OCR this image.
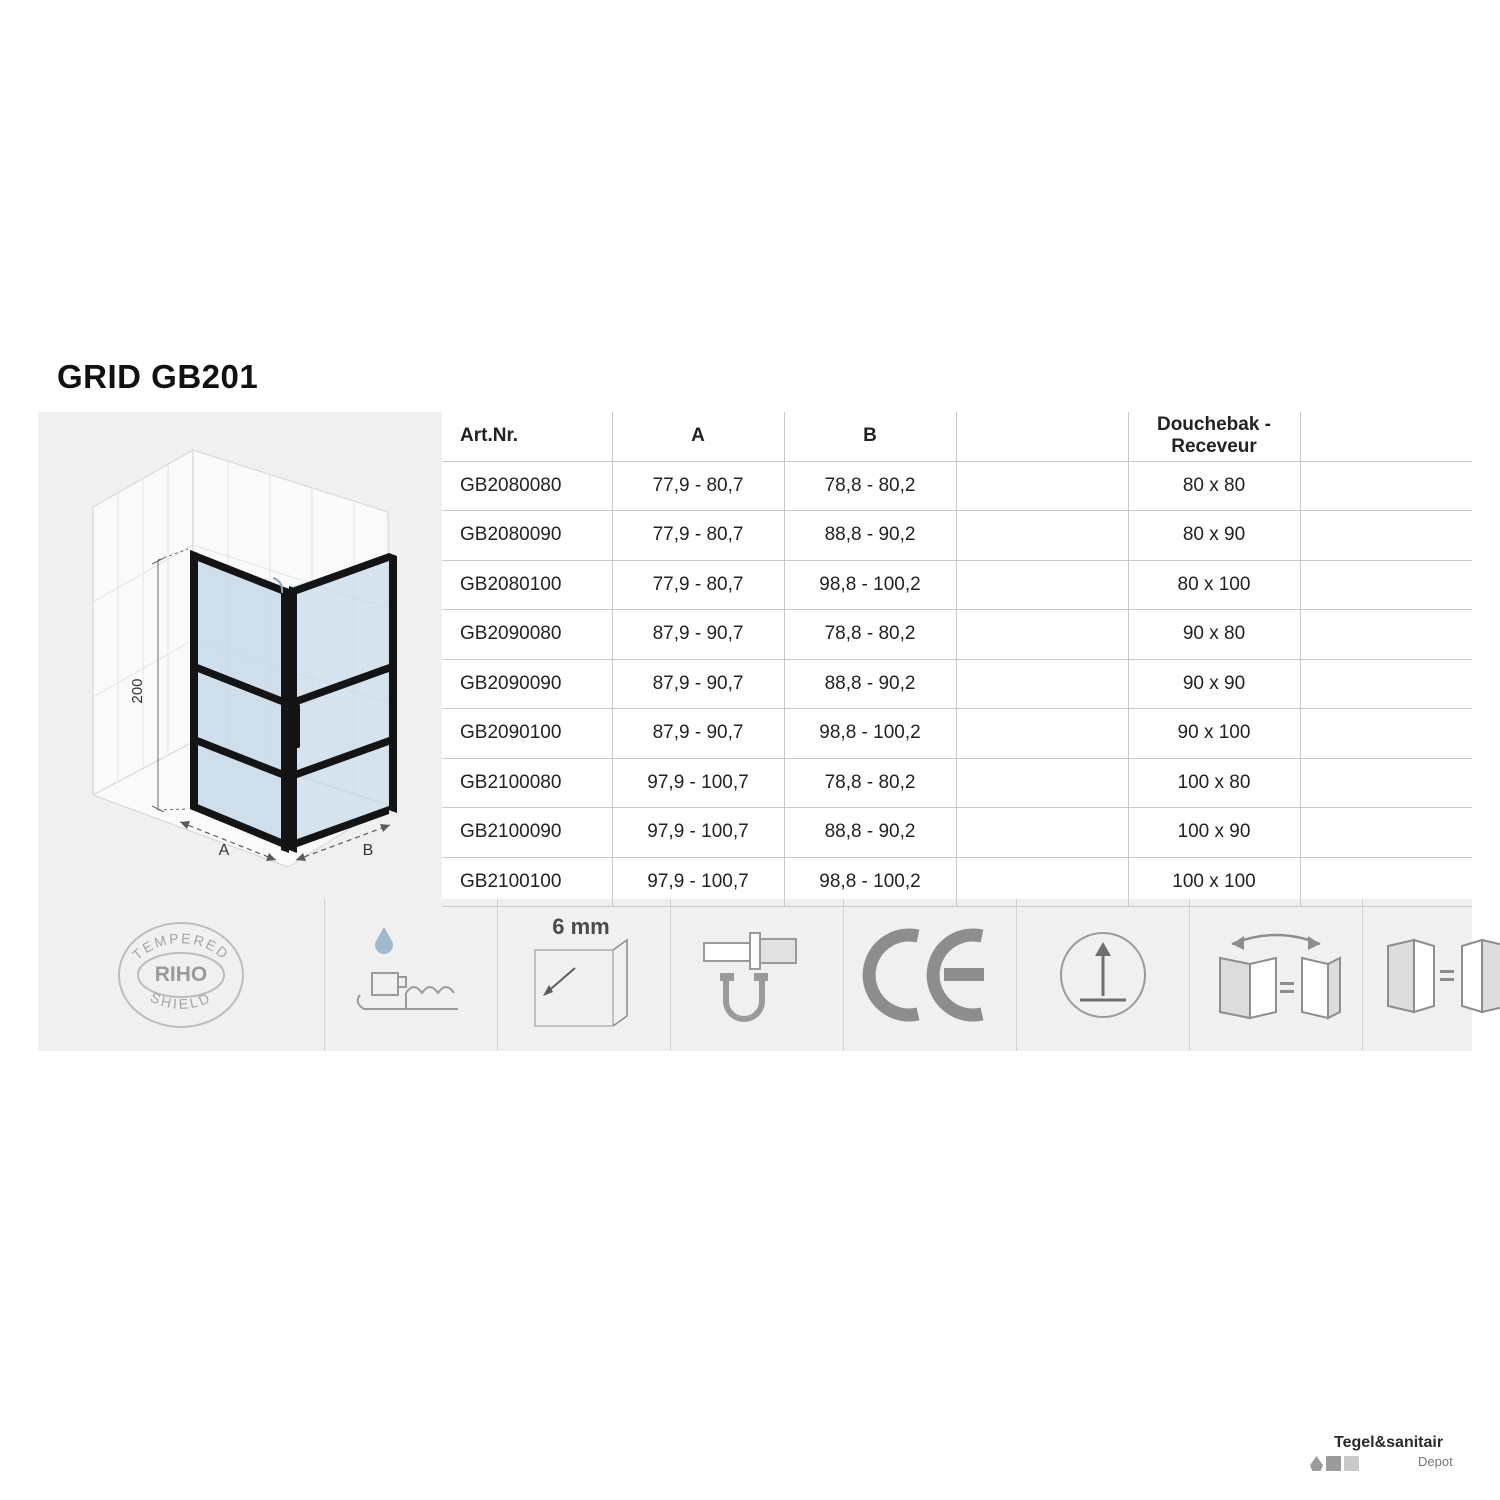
GRID GB201
200
A	B
Art.Nr.	A	B		Douchebak -
Receveur	
GB2080080	77,9 - 80,7	78,8 - 80,2		80 x 80	
GB2080090	77,9 - 80,7	88,8 - 90,2		80 x 90	
GB2080100	77,9 - 80,7	98,8 - 100,2		80 x 100	
GB2090080	87,9 - 90,7	78,8 - 80,2		90 x 80	
GB2090090	87,9 - 90,7	88,8 - 90,2		90 x 90	
GB2090100	87,9 - 90,7	98,8 - 100,2		90 x 100	
GB2100080	97,9 - 100,7	78,8 - 80,2		100 x 80	
GB2100090	97,9 - 100,7	88,8 - 90,2		100 x 90	
GB2100100	97,9 - 100,7	98,8 - 100,2		100 x 100	
RIHO
TEMPERED
SHIELD
6 mm
Tegel&sanitair
Depot
